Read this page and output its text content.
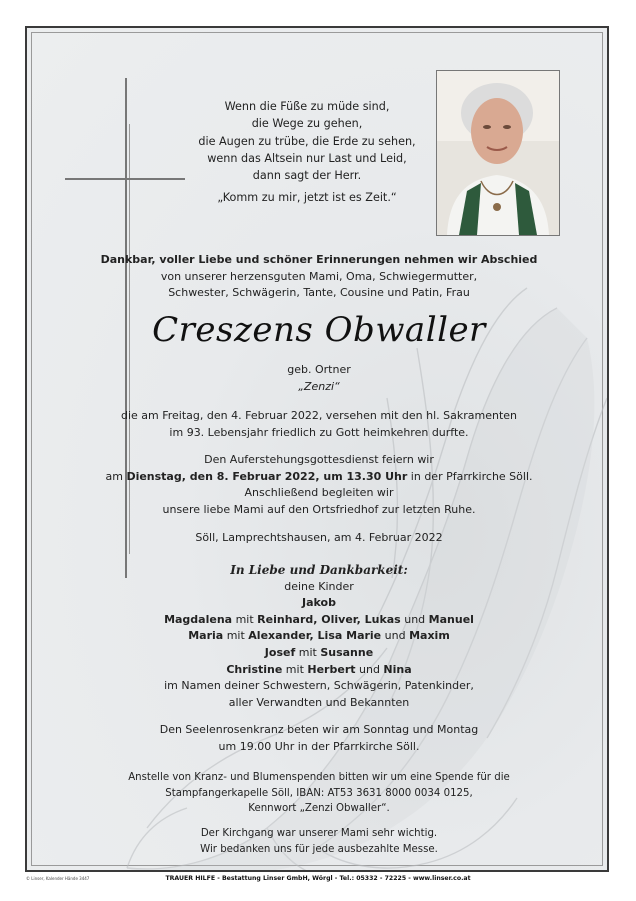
Wenn die Füße zu müde sind,
die Wege zu gehen,
die Augen zu trübe, die Erde zu sehen,
wenn das Altsein nur Last und Leid,
dann sagt der Herr.
„Komm zu mir, jetzt ist es Zeit.“
Dankbar, voller Liebe und schöner Erinnerungen nehmen wir Abschied
von unserer herzensguten Mami, Oma, Schwiegermutter,
Schwester, Schwägerin, Tante, Cousine und Patin, Frau
Creszens Obwaller
geb. Ortner
„Zenzi“
die am Freitag, den 4. Februar 2022, versehen mit den hl. Sakramenten
im 93. Lebensjahr friedlich zu Gott heimkehren durfte.
Den Auferstehungsgottesdienst feiern wir
am Dienstag, den 8. Februar 2022, um 13.30 Uhr in der Pfarrkirche Söll.
Anschließend begleiten wir
unsere liebe Mami auf den Ortsfriedhof zur letzten Ruhe.
Söll, Lamprechtshausen, am 4. Februar 2022
In Liebe und Dankbarkeit:
deine Kinder
Jakob
Magdalena mit Reinhard, Oliver, Lukas und Manuel
Maria mit Alexander, Lisa Marie und Maxim
Josef mit Susanne
Christine mit Herbert und Nina
im Namen deiner Schwestern, Schwägerin, Patenkinder,
aller Verwandten und Bekannten
Den Seelenrosenkranz beten wir am Sonntag und Montag
um 19.00 Uhr in der Pfarrkirche Söll.
Anstelle von Kranz- und Blumenspenden bitten wir um eine Spende für die
Stampfangerkapelle Söll, IBAN: AT53 3631 8000 0034 0125,
Kennwort „Zenzi Obwaller“.
Der Kirchgang war unserer Mami sehr wichtig.
Wir bedanken uns für jede ausbezahlte Messe.
© Linser, Kalender Hände 3447	TRAUER HILFE - Bestattung Linser GmbH, Wörgl - Tel.: 05332 - 72225 - www.linser.co.at
